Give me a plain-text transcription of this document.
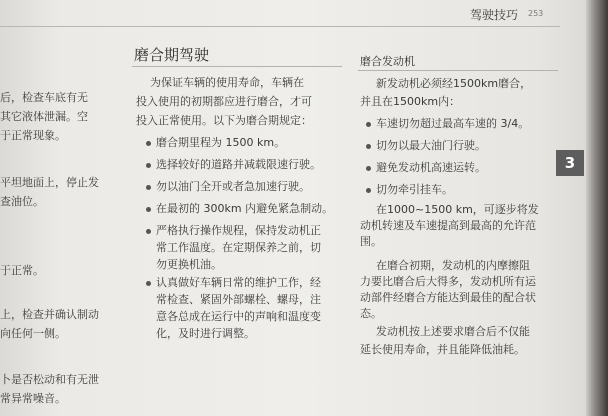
驾驶技巧 253
3
后，检查车底有无
其它液体泄漏。空
于正常现象。
平坦地面上，停止发
查油位。
于正常。
上，检查并确认制动
向任何一侧。
卜是否松动和有无泄
常异常噪音。
磨合期驾驶
为保证车辆的使用寿命，车辆在
投入使用的初期都应进行磨合，才可
投入正常使用。以下为磨合期规定：
磨合期里程为 1500 km。
选择较好的道路并减载限速行驶。
勿以油门全开或者急加速行驶。
在最初的 300km 内避免紧急制动。
严格执行操作规程，保持发动机正
常工作温度。在定期保养之前，切
勿更换机油。
认真做好车辆日常的维护工作，经
常检查、紧固外部螺栓、螺母，注
意各总成在运行中的声响和温度变
化，及时进行调整。
磨合发动机
新发动机必须经1500km磨合，
并且在1500km内：
车速切勿超过最高车速的 3/4。
切勿以最大油门行驶。
避免发动机高速运转。
切勿牵引挂车。
在1000~1500 km，可逐步将发
动机转速及车速提高到最高的允许范
围。
在磨合初期，发动机的内摩擦阻
力要比磨合后大得多，发动机所有运
动部件经磨合方能达到最佳的配合状
态。
发动机按上述要求磨合后不仅能
延长使用寿命，并且能降低油耗。
